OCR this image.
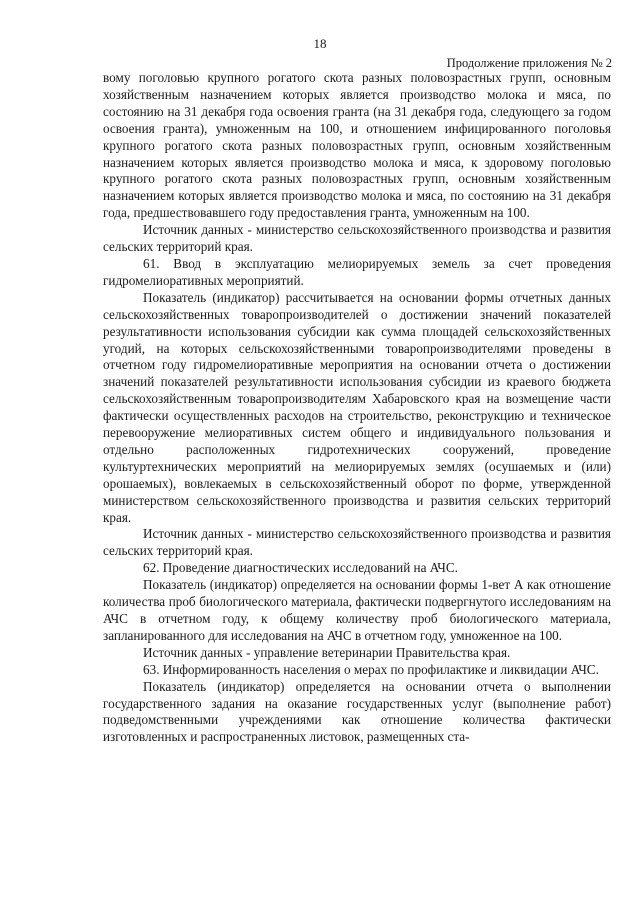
18
Продолжение приложения № 2

вому поголовью крупного рогатого скота разных половозрастных групп, основным хозяйственным назначением которых является производство молока и мяса, по состоянию на 31 декабря года освоения гранта (на 31 декабря года, следующего за годом освоения гранта), умноженным на 100, и отношением инфицированного поголовья крупного рогатого скота разных половозрастных групп, основным хозяйственным назначением которых является производство молока и мяса, к здоровому поголовью крупного рогатого скота разных половозрастных групп, основным хозяйственным назначением которых является производство молока и мяса, по состоянию на 31 декабря года, предшествовавшего году предоставления гранта, умноженным на 100.

Источник данных - министерство сельскохозяйственного производства и развития сельских территорий края.

61. Ввод в эксплуатацию мелиорируемых земель за счет проведения гидромелиоративных мероприятий.

Показатель (индикатор) рассчитывается на основании формы отчетных данных сельскохозяйственных товаропроизводителей о достижении значений показателей результативности использования субсидии как сумма площадей сельскохозяйственных угодий, на которых сельскохозяйственными товаропроизводителями проведены в отчетном году гидромелиоративные мероприятия на основании отчета о достижении значений показателей результативности использования субсидии из краевого бюджета сельскохозяйственным товаропроизводителям Хабаровского края на возмещение части фактически осуществленных расходов на строительство, реконструкцию и техническое перевооружение мелиоративных систем общего и индивидуального пользования и отдельно расположенных гидротехнических сооружений, проведение культуртехнических мероприятий на мелиорируемых землях (осушаемых и (или) орошаемых), вовлекаемых в сельскохозяйственный оборот по форме, утвержденной министерством сельскохозяйственного производства и развития сельских территорий края.

Источник данных - министерство сельскохозяйственного производства и развития сельских территорий края.

62. Проведение диагностических исследований на АЧС.

Показатель (индикатор) определяется на основании формы 1-вет А как отношение количества проб биологического материала, фактически подвергнутого исследованиям на АЧС в отчетном году, к общему количеству проб биологического материала, запланированного для исследования на АЧС в отчетном году, умноженное на 100.

Источник данных - управление ветеринарии Правительства края.

63. Информированность населения о мерах по профилактике и ликвидации АЧС.

Показатель (индикатор) определяется на основании отчета о выполнении государственного задания на оказание государственных услуг (выполнение работ) подведомственными учреждениями как отношение количества фактически изготовленных и распространенных листовок, размещенных ста-
